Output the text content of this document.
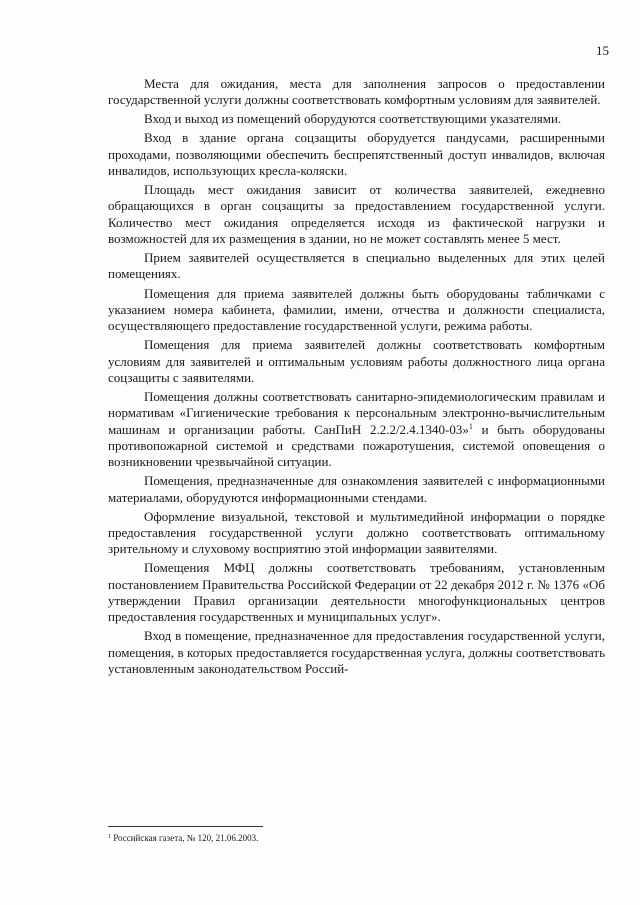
15

Места для ожидания, места для заполнения запросов о предоставлении государственной услуги должны соответствовать комфортным условиям для заявителей.

Вход и выход из помещений оборудуются соответствующими указателями.

Вход в здание органа соцзащиты оборудуется пандусами, расширенными проходами, позволяющими обеспечить беспрепятственный доступ инвалидов, включая инвалидов, использующих кресла-коляски.

Площадь мест ожидания зависит от количества заявителей, ежедневно обращающихся в орган соцзащиты за предоставлением государственной услуги. Количество мест ожидания определяется исходя из фактической нагрузки и возможностей для их размещения в здании, но не может составлять менее 5 мест.

Прием заявителей осуществляется в специально выделенных для этих целей помещениях.

Помещения для приема заявителей должны быть оборудованы табличками с указанием номера кабинета, фамилии, имени, отчества и должности специалиста, осуществляющего предоставление государственной услуги, режима работы.

Помещения для приема заявителей должны соответствовать комфортным условиям для заявителей и оптимальным условиям работы должностного лица органа соцзащиты с заявителями.

Помещения должны соответствовать санитарно-эпидемиологическим правилам и нормативам «Гигиенические требования к персональным электронно-вычислительным машинам и организации работы. СанПиН 2.2.2/2.4.1340-03»$^1$ и быть оборудованы противопожарной системой и средствами пожаротушения, системой оповещения о возникновении чрезвычайной ситуации.

Помещения, предназначенные для ознакомления заявителей с информационными материалами, оборудуются информационными стендами.

Оформление визуальной, текстовой и мультимедийной информации о порядке предоставления государственной услуги должно соответствовать оптимальному зрительному и слуховому восприятию этой информации заявителями.

Помещения МФЦ должны соответствовать требованиям, установленным постановлением Правительства Российской Федерации от 22 декабря 2012 г. № 1376 «Об утверждении Правил организации деятельности многофункциональных центров предоставления государственных и муниципальных услуг».

Вход в помещение, предназначенное для предоставления государственной услуги, помещения, в которых предоставляется государственная услуга, должны соответствовать установленным законодательством Россий-

$^1$ Российская газета, № 120, 21.06.2003.
